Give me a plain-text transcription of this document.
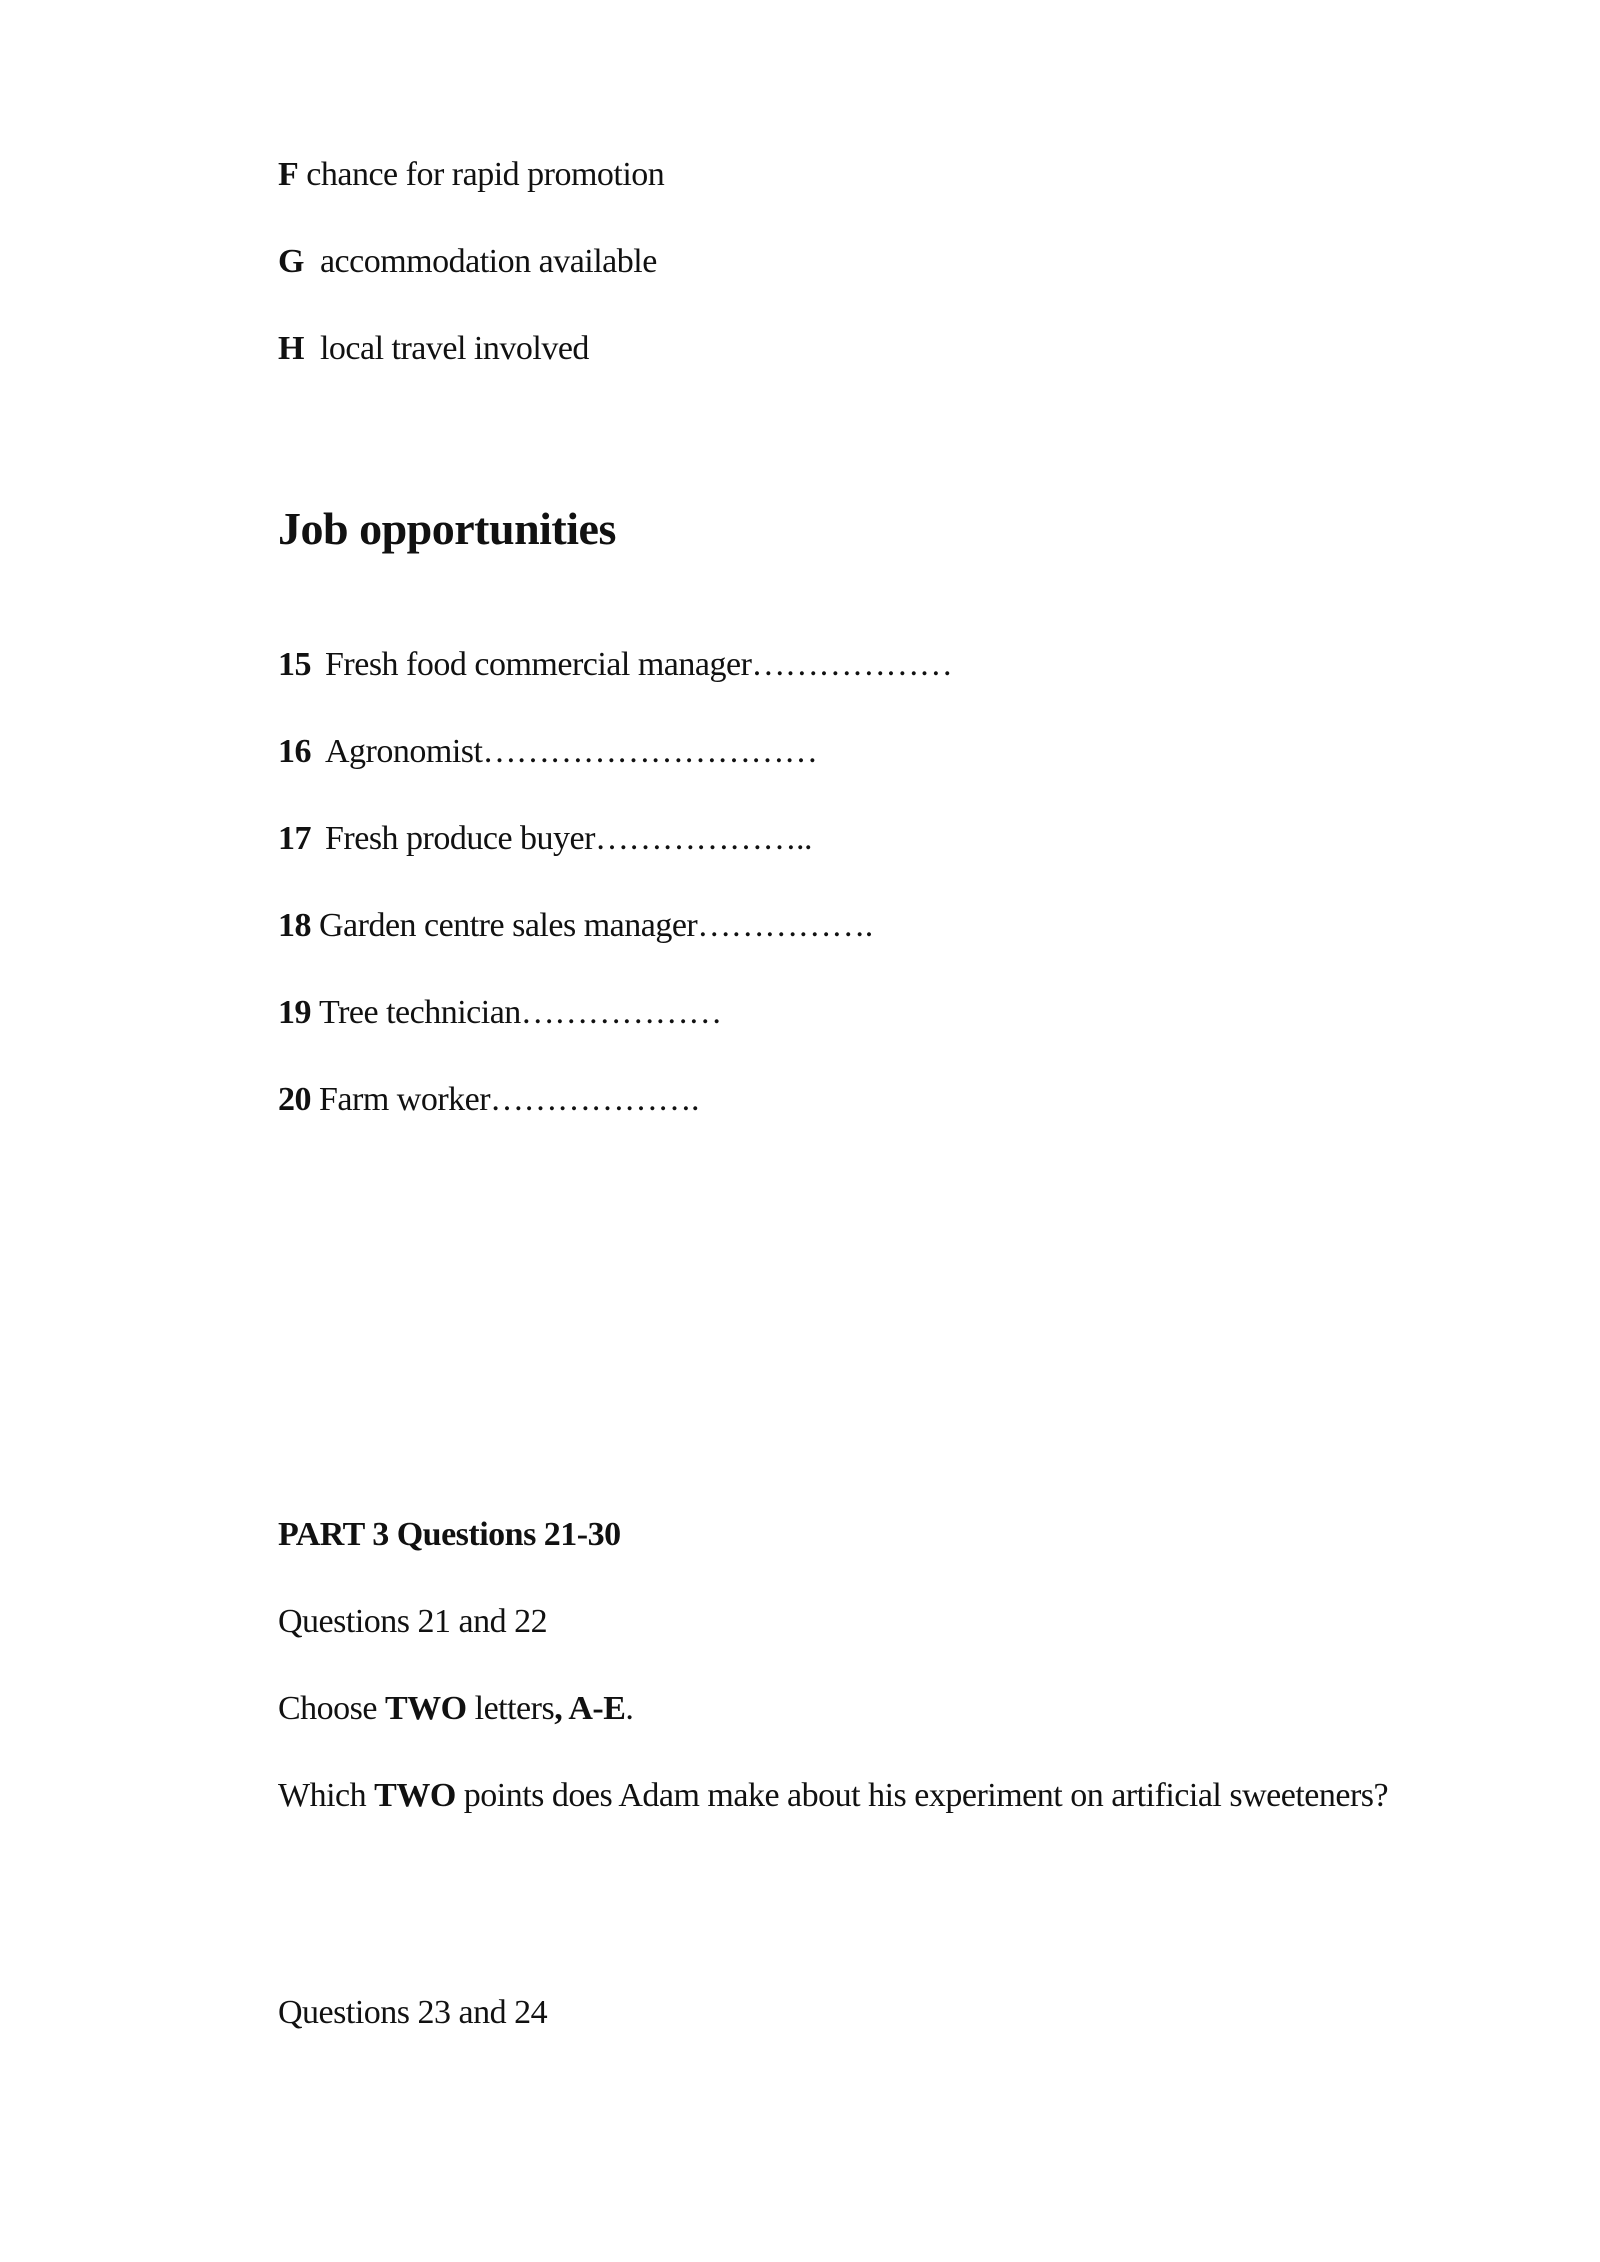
F chance for rapid promotion
G accommodation available
H local travel involved
Job opportunities
15 Fresh food commercial manager………………
16 Agronomist…………………………
17 Fresh produce buyer………………..
18 Garden centre sales manager…………….
19 Tree technician………………
20 Farm worker……………….
PART 3 Questions 21-30
Questions 21 and 22
Choose TWO letters, A-E.
Which TWO points does Adam make about his experiment on artificial sweeteners?
Questions 23 and 24
